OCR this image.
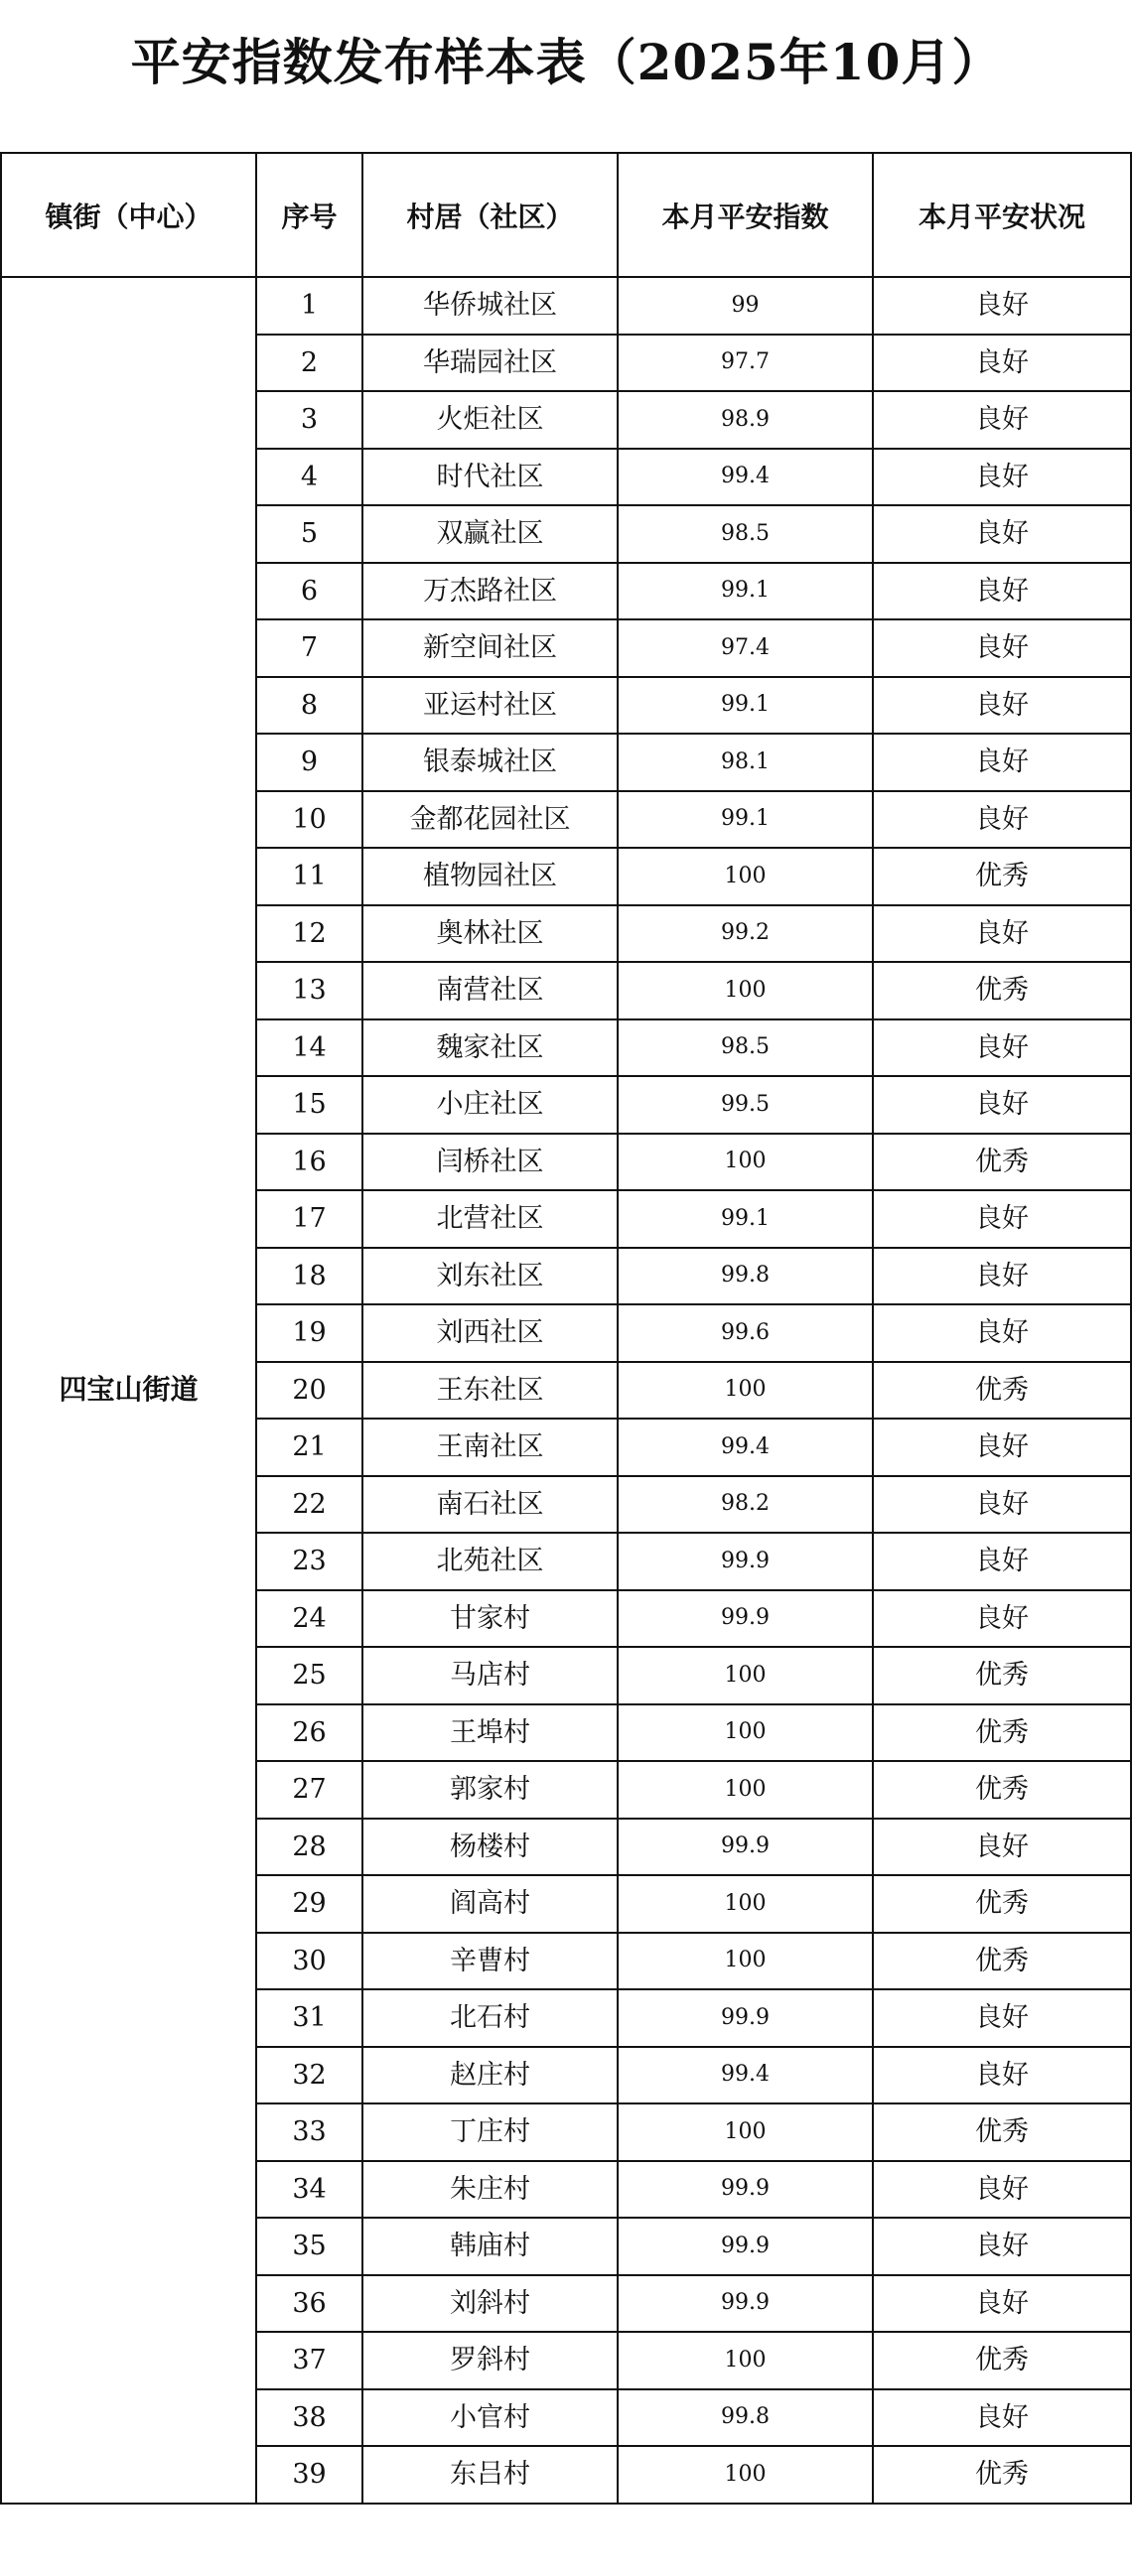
平安指数发布样本表（2025年10月）
镇街（中心）	序号	村居（社区）	本月平安指数	本月平安状况
四宝山街道	1	华侨城社区	99	良好
	2	华瑞园社区	97.7	良好
	3	火炬社区	98.9	良好
	4	时代社区	99.4	良好
	5	双赢社区	98.5	良好
	6	万杰路社区	99.1	良好
	7	新空间社区	97.4	良好
	8	亚运村社区	99.1	良好
	9	银泰城社区	98.1	良好
	10	金都花园社区	99.1	良好
	11	植物园社区	100	优秀
	12	奥林社区	99.2	良好
	13	南营社区	100	优秀
	14	魏家社区	98.5	良好
	15	小庄社区	99.5	良好
	16	闫桥社区	100	优秀
	17	北营社区	99.1	良好
	18	刘东社区	99.8	良好
	19	刘西社区	99.6	良好
	20	王东社区	100	优秀
	21	王南社区	99.4	良好
	22	南石社区	98.2	良好
	23	北苑社区	99.9	良好
	24	甘家村	99.9	良好
	25	马店村	100	优秀
	26	王埠村	100	优秀
	27	郭家村	100	优秀
	28	杨楼村	99.9	良好
	29	阎高村	100	优秀
	30	辛曹村	100	优秀
	31	北石村	99.9	良好
	32	赵庄村	99.4	良好
	33	丁庄村	100	优秀
	34	朱庄村	99.9	良好
	35	韩庙村	99.9	良好
	36	刘斜村	99.9	良好
	37	罗斜村	100	优秀
	38	小官村	99.8	良好
	39	东吕村	100	优秀
